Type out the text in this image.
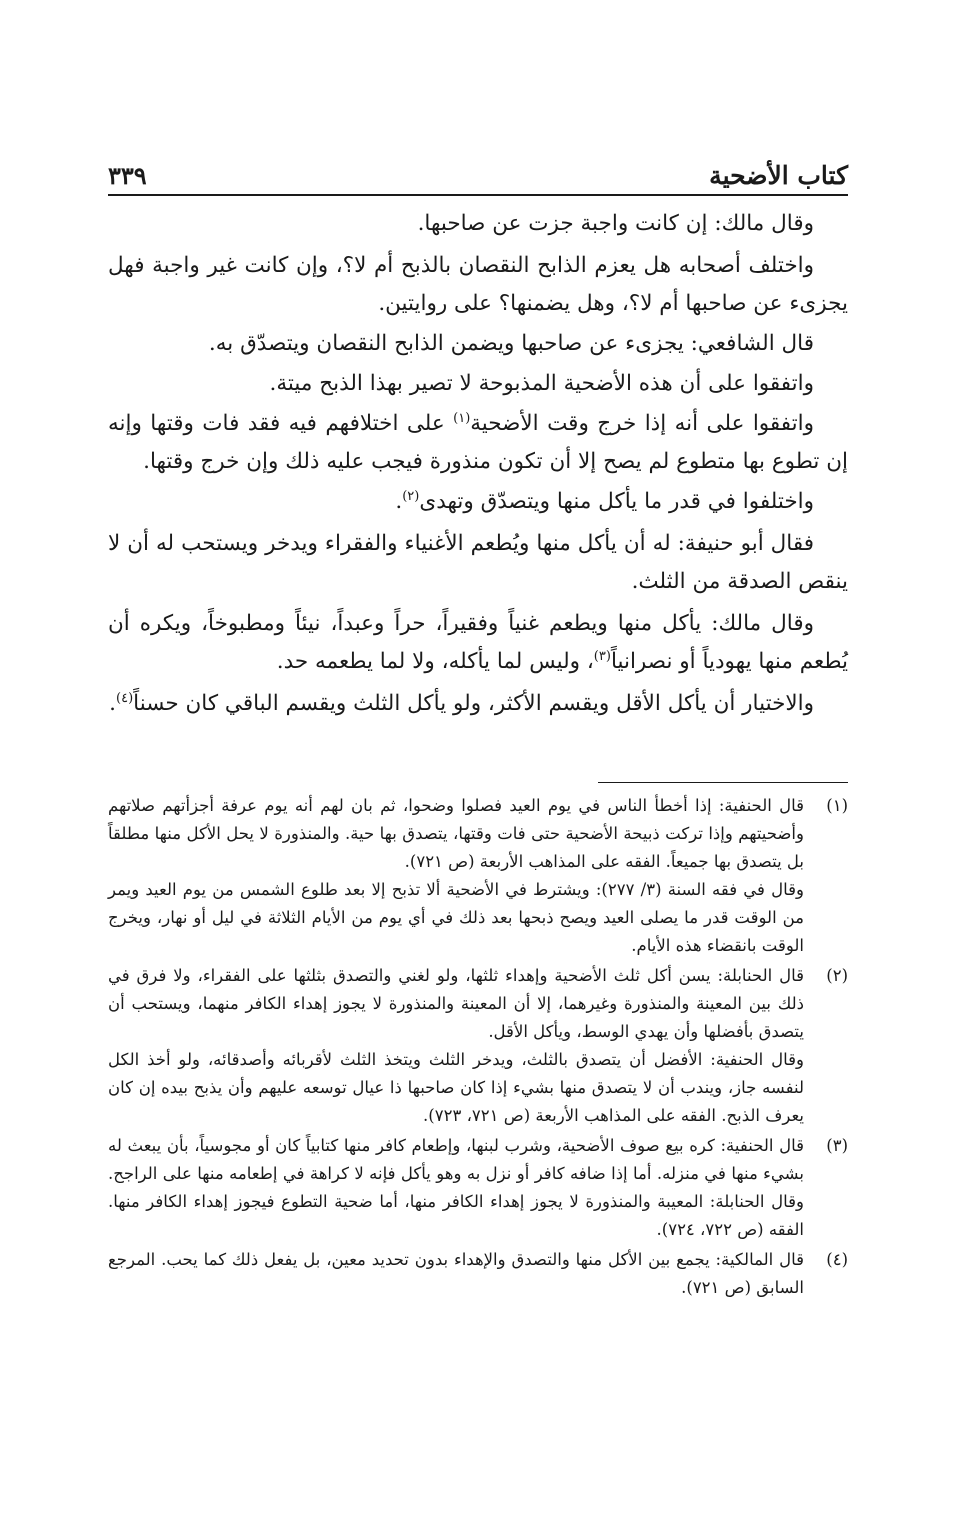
كتاب الأضحية
٣٣٩

وقال مالك: إن كانت واجبة جزت عن صاحبها.

واختلف أصحابه هل يعزم الذابح النقصان بالذبح أم لا؟، وإن كانت غير واجبة فهل يجزىء عن صاحبها أم لا؟، وهل يضمنها؟ على روايتين.

قال الشافعي: يجزىء عن صاحبها ويضمن الذابح النقصان ويتصدّق به.

واتفقوا على أن هذه الأضحية المذبوحة لا تصير بهذا الذبح ميتة.

واتفقوا على أنه إذا خرج وقت الأضحية$^{(١)}$ على اختلافهم فيه فقد فات وقتها وإنه إن تطوع بها متطوع لم يصح إلا أن تكون منذورة فيجب عليه ذلك وإن خرج وقتها.

واختلفوا في قدر ما يأكل منها ويتصدّق وتهدى$^{(٢)}$.

فقال أبو حنيفة: له أن يأكل منها ويُطعم الأغنياء والفقراء ويدخر ويستحب له أن لا ينقص الصدقة من الثلث.

وقال مالك: يأكل منها ويطعم غنياً وفقيراً، حراً وعبداً، نيئاً ومطبوخاً، ويكره أن يُطعم منها يهودياً أو نصرانياً$^{(٣)}$، وليس لما يأكله، ولا لما يطعمه حد.

والاختيار أن يأكل الأقل ويقسم الأكثر، ولو يأكل الثلث ويقسم الباقي كان حسناً$^{(٤)}$.

(١)

قال الحنفية: إذا أخطأ الناس في يوم العيد فصلوا وضحوا، ثم بان لهم أنه يوم عرفة أجزأتهم صلاتهم وأضحيتهم وإذا تركت ذبيحة الأضحية حتى فات وقتها، يتصدق بها حية. والمنذورة لا يحل الأكل منها مطلقاً بل يتصدق بها جميعاً. الفقه على المذاهب الأربعة (ص ٧٢١).

وقال في فقه السنة (٣/ ٢٧٧): ويشترط في الأضحية ألا تذبح إلا بعد طلوع الشمس من يوم العيد ويمر من الوقت قدر ما يصلى العيد ويصح ذبحها بعد ذلك في أي يوم من الأيام الثلاثة في ليل أو نهار، ويخرج الوقت بانقضاء هذه الأيام.

(٢)

قال الحنابلة: يسن أكل ثلث الأضحية وإهداء ثلثها، ولو لغني والتصدق بثلثها على الفقراء، ولا فرق في ذلك بين المعينة والمنذورة وغيرهما، إلا أن المعينة والمنذورة لا يجوز إهداء الكافر منهما، ويستحب أن يتصدق بأفضلها وأن يهدي الوسط، ويأكل الأقل.

وقال الحنفية: الأفضل أن يتصدق بالثلث، ويدخر الثلث ويتخذ الثلث لأقربائه وأصدقائه، ولو أخذ الكل لنفسه جاز، ويندب أن لا يتصدق منها بشيء إذا كان صاحبها ذا عيال توسعه عليهم وأن يذبح بيده إن كان يعرف الذبح. الفقه على المذاهب الأربعة (ص ٧٢١، ٧٢٣).

(٣)

قال الحنفية: كره بيع صوف الأضحية، وشرب لبنها، وإطعام كافر منها كتابياً كان أو مجوسياً، بأن يبعث له بشيء منها في منزله. أما إذا ضافه كافر أو نزل به وهو يأكل فإنه لا كراهة في إطعامه منها على الراجح. وقال الحنابلة: المعيبة والمنذورة لا يجوز إهداء الكافر منها، أما ضحية التطوع فيجوز إهداء الكافر منها. الفقه (ص ٧٢٢، ٧٢٤).

(٤)

قال المالكية: يجمع بين الأكل منها والتصدق والإهداء بدون تحديد معين، بل يفعل ذلك كما يحب. المرجع السابق (ص ٧٢١).
